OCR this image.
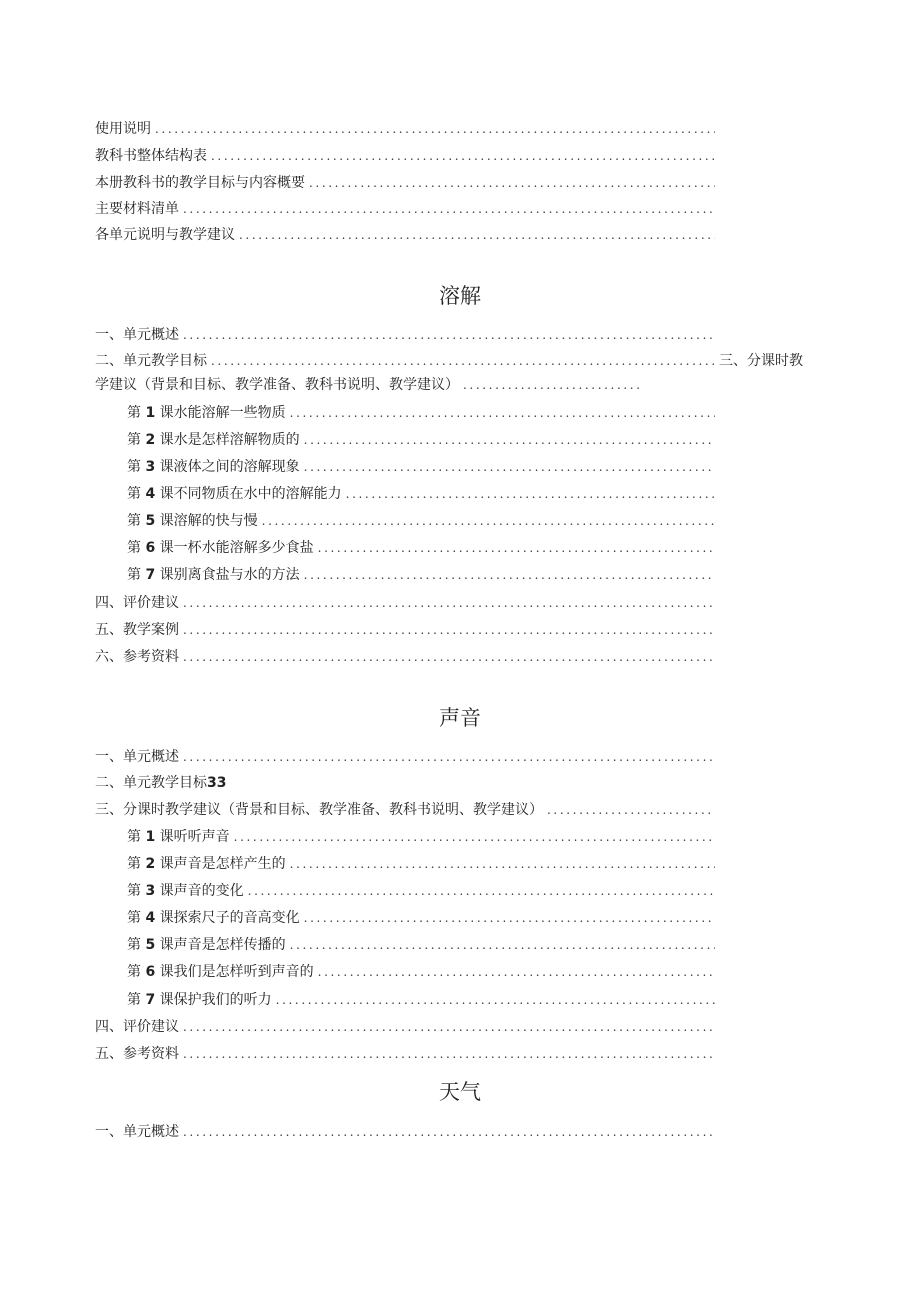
使用说明
.....
教科书整体结构表
.....
本册教科书的教学目标与内容概要
.....
主要材料清单
.....
各单元说明与教学建议
.....
溶解
一、单元概述
.....
二、单元教学目标
.....	三、分课时教
学建议（背景和目标、教学准备、教科书说明、教学建议）
.....
第 1 课水能溶解一些物质
.....
第 2 课水是怎样溶解物质的
.....
第 3 课液体之间的溶解现象
.....
第 4 课不同物质在水中的溶解能力
.....
第 5 课溶解的快与慢
.....
第 6 课一杯水能溶解多少食盐
.....
第 7 课别离食盐与水的方法
.....
四、评价建议
.....
五、教学案例
.....
六、参考资料
.....
声音
一、单元概述
.....
二、单元教学目标33
三、分课时教学建议（背景和目标、教学准备、教科书说明、教学建议）
.....
第 1 课听听声音
.....
第 2 课声音是怎样产生的
.....
第 3 课声音的变化
.....
第 4 课探索尺子的音高变化
.....
第 5 课声音是怎样传播的
.....
第 6 课我们是怎样听到声音的
.....
第 7 课保护我们的听力
.....
四、评价建议
.....
五、参考资料
.....
天气
一、单元概述
.....
